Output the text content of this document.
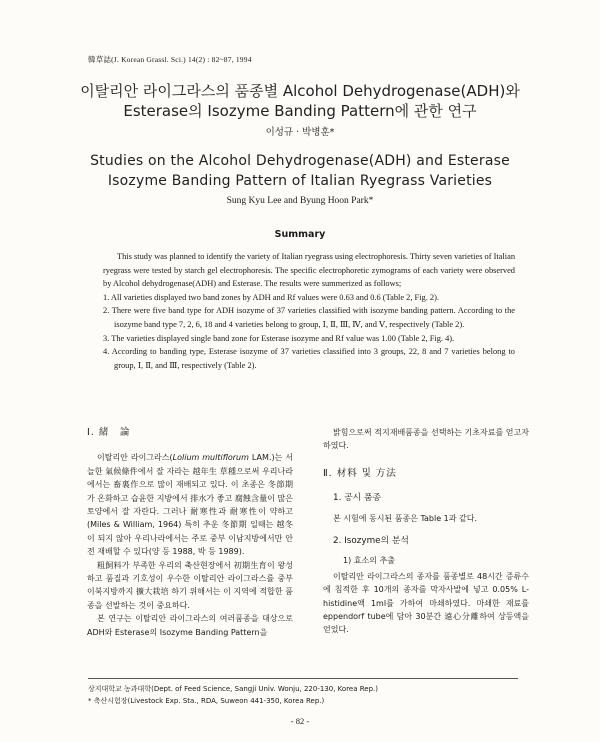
韓草誌(J. Korean Grassl. Sci.) 14(2) : 82~87, 1994
이탈리안 라이그라스의 품종별 Alcohol Dehydrogenase(ADH)와
Esterase의 Isozyme Banding Pattern에 관한 연구
이성규 · 박병훈*
Studies on the Alcohol Dehydrogenase(ADH) and Esterase
Isozyme Banding Pattern of Italian Ryegrass Varieties
Sung Kyu Lee and Byung Hoon Park*
Summary

This study was planned to identify the variety of Italian ryegrass using electrophoresis. Thirty seven varieties of Italian ryegrass were tested by starch gel electrophoresis. The specific electrophoretic zymograms of each variety were observed by Alcohol dehydrogenase(ADH) and Esterase. The results were summerized as follows;

1. All varieties displayed two band zones by ADH and Rf values were 0.63 and 0.6 (Table 2, Fig. 2).

2. There were five band type for ADH isozyme of 37 varieties classified with isozyme banding pattern. According to the isozyme band type 7, 2, 6, 18 and 4 varieties belong to group, Ⅰ, Ⅱ, Ⅲ, Ⅳ, and Ⅴ, respectively (Table 2).

3. The varieties displayed single band zone for Esterase isozyme and Rf value was 1.00 (Table 2, Fig. 4).

4. According to banding type, Esterase isozyme of 37 varieties classified into 3 groups, 22, 8 and 7 varieties belong to group, Ⅰ, Ⅱ, and Ⅲ, respectively (Table 2).

Ⅰ. 緒　論

이탈리안 라이그라스(Lolium multiflorum LAM.)는 서늘한 氣候條件에서 잘 자라는 越年生 草種으로써 우리나라에서는 畜裏作으로 많이 재배되고 있다. 이 초종은 冬節期가 온화하고 습윤한 지방에서 排水가 좋고 腐蝕含量이 많은 토양에서 잘 자란다. 그러나 耐寒性과 耐寒性이 약하고(Miles & William, 1964) 특히 추운 冬節期 일때는 越冬이 되지 않아 우리나라에서는 주로 중부 이남지방에서만 안전 재배할 수 있다(양 등 1988, 박 등 1989).

粗飼料가 부족한 우리의 축산현장에서 初期生育이 왕성하고 품질과 기호성이 우수한 이탈리안 라이그라스를 중부 이북지방까지 擴大栽培 하기 위해서는 이 지역에 적합한 품종을 선발하는 것이 중요하다.

본 연구는 이탈리안 라이그라스의 여러품종을 대상으로 ADH와 Esterase의 Isozyme Banding Pattern을

밝힘으로써 적지재배품종을 선택하는 기초자료를 얻고자 하였다.

Ⅱ. 材料 및 方法
1. 공시 품종

본 시험에 동시된 품종은 Table 1과 같다.

2. Isozyme의 분석
1) 효소의 추출

이탈리안 라이그라스의 종자를 품종별로 48시간 증류수에 침적한 후 10개의 종자를 막자사발에 넣고 0.05% L-histidine액 1ml를 가하여 마쇄하였다. 마쇄한 재료를 eppendorf tube에 담아 30분간 遠心分離하여 상등액을 얻었다.

상지대학교 농과대학(Dept. of Feed Science, Sangji Univ. Wonju, 220-130, Korea Rep.)

* 축산시험장(Livestock Exp. Sta., RDA, Suweon 441-350, Korea Rep.)

- 82 -
